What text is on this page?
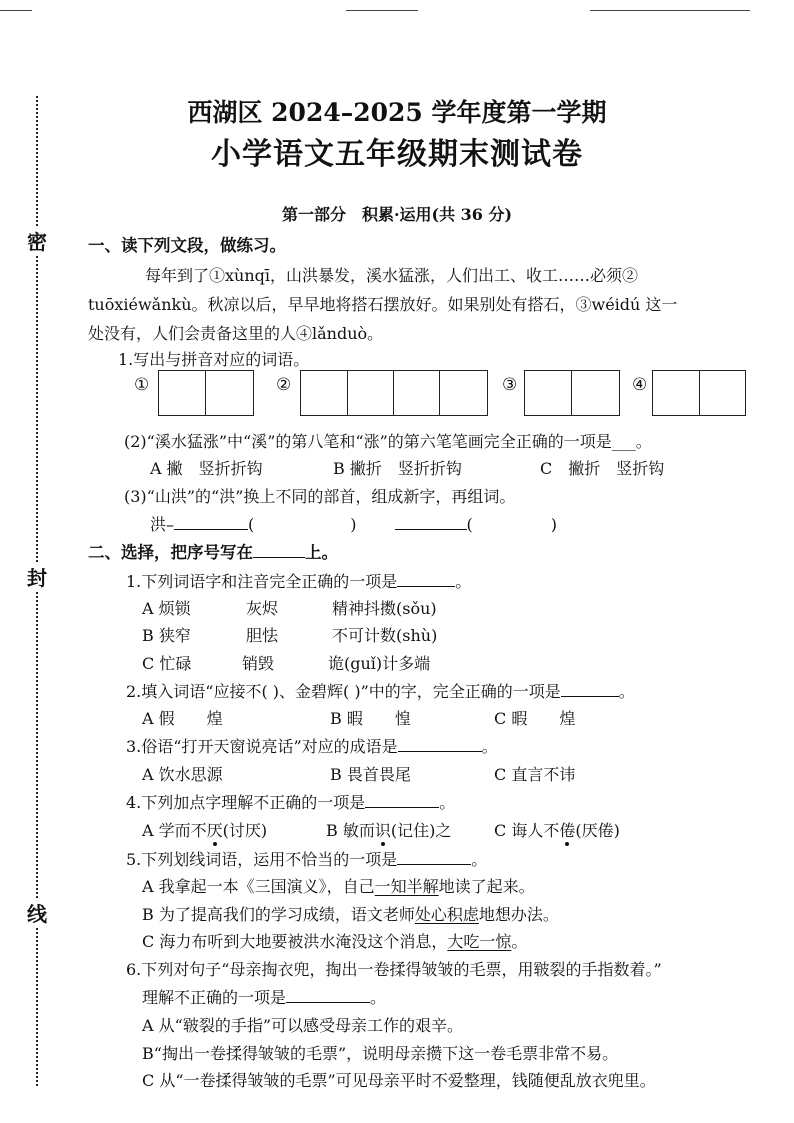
密
封
线
西湖区 2024–2025 学年度第一学期
小学语文五年级期末测试卷
第一部分　积累·运用(共 36 分)
一、读下列文段，做练习。
每年到了①xùnqī，山洪暴发，溪水猛涨，人们出工、收工……必须②
tuōxiéwǎnkù。秋凉以后，早早地将搭石摆放好。如果别处有搭石，③wéidú 这一
处没有，人们会责备这里的人④lǎnduò。
1.写出与拼音对应的词语。
①	②	③	④
(2)“溪水猛涨”中“溪”的第八笔和“涨”的第六笔笔画完全正确的一项是___。
A 撇　竖折折钩	B 撇折　竖折折钩	C　撇折　竖折钩
(3)“山洪”的“洪”换上不同的部首，组成新字，再组词。
洪–	(	)	(	)
二、选择，把序号写在	上。
1.下列词语字和注音完全正确的一项是	。
A 烦锁	灰烬	精神抖擞(sǒu)
B 狭窄	胆怯	不可计数(shù)
C 忙碌	销毁	诡(guǐ)计多端
2.填入词语“应接不( )、金碧辉( )”中的字，完全正确的一项是	。
A 假　　煌	B 暇　　惶	C 暇　　煌
3.俗语“打开天窗说亮话”对应的成语是	。
A 饮水思源	B 畏首畏尾	C 直言不讳
4.下列加点字理解不正确的一项是	。
A 学而不厌(讨厌)	B 敏而识(记住)之	C 诲人不倦(厌倦)
5.下列划线词语，运用不恰当的一项是	。
A 我拿起一本《三国演义》，自己一知半解地读了起来。
B 为了提高我们的学习成绩，语文老师处心积虑地想办法。
C 海力布听到大地要被洪水淹没这个消息，大吃一惊。
6.下列对句子“母亲掏衣兜，掏出一卷揉得皱皱的毛票，用皲裂的手指数着。”
理解不正确的一项是	。
A 从“皲裂的手指”可以感受母亲工作的艰辛。
B“掏出一卷揉得皱皱的毛票”，说明母亲攒下这一卷毛票非常不易。
C 从“一卷揉得皱皱的毛票”可见母亲平时不爱整理，钱随便乱放衣兜里。
